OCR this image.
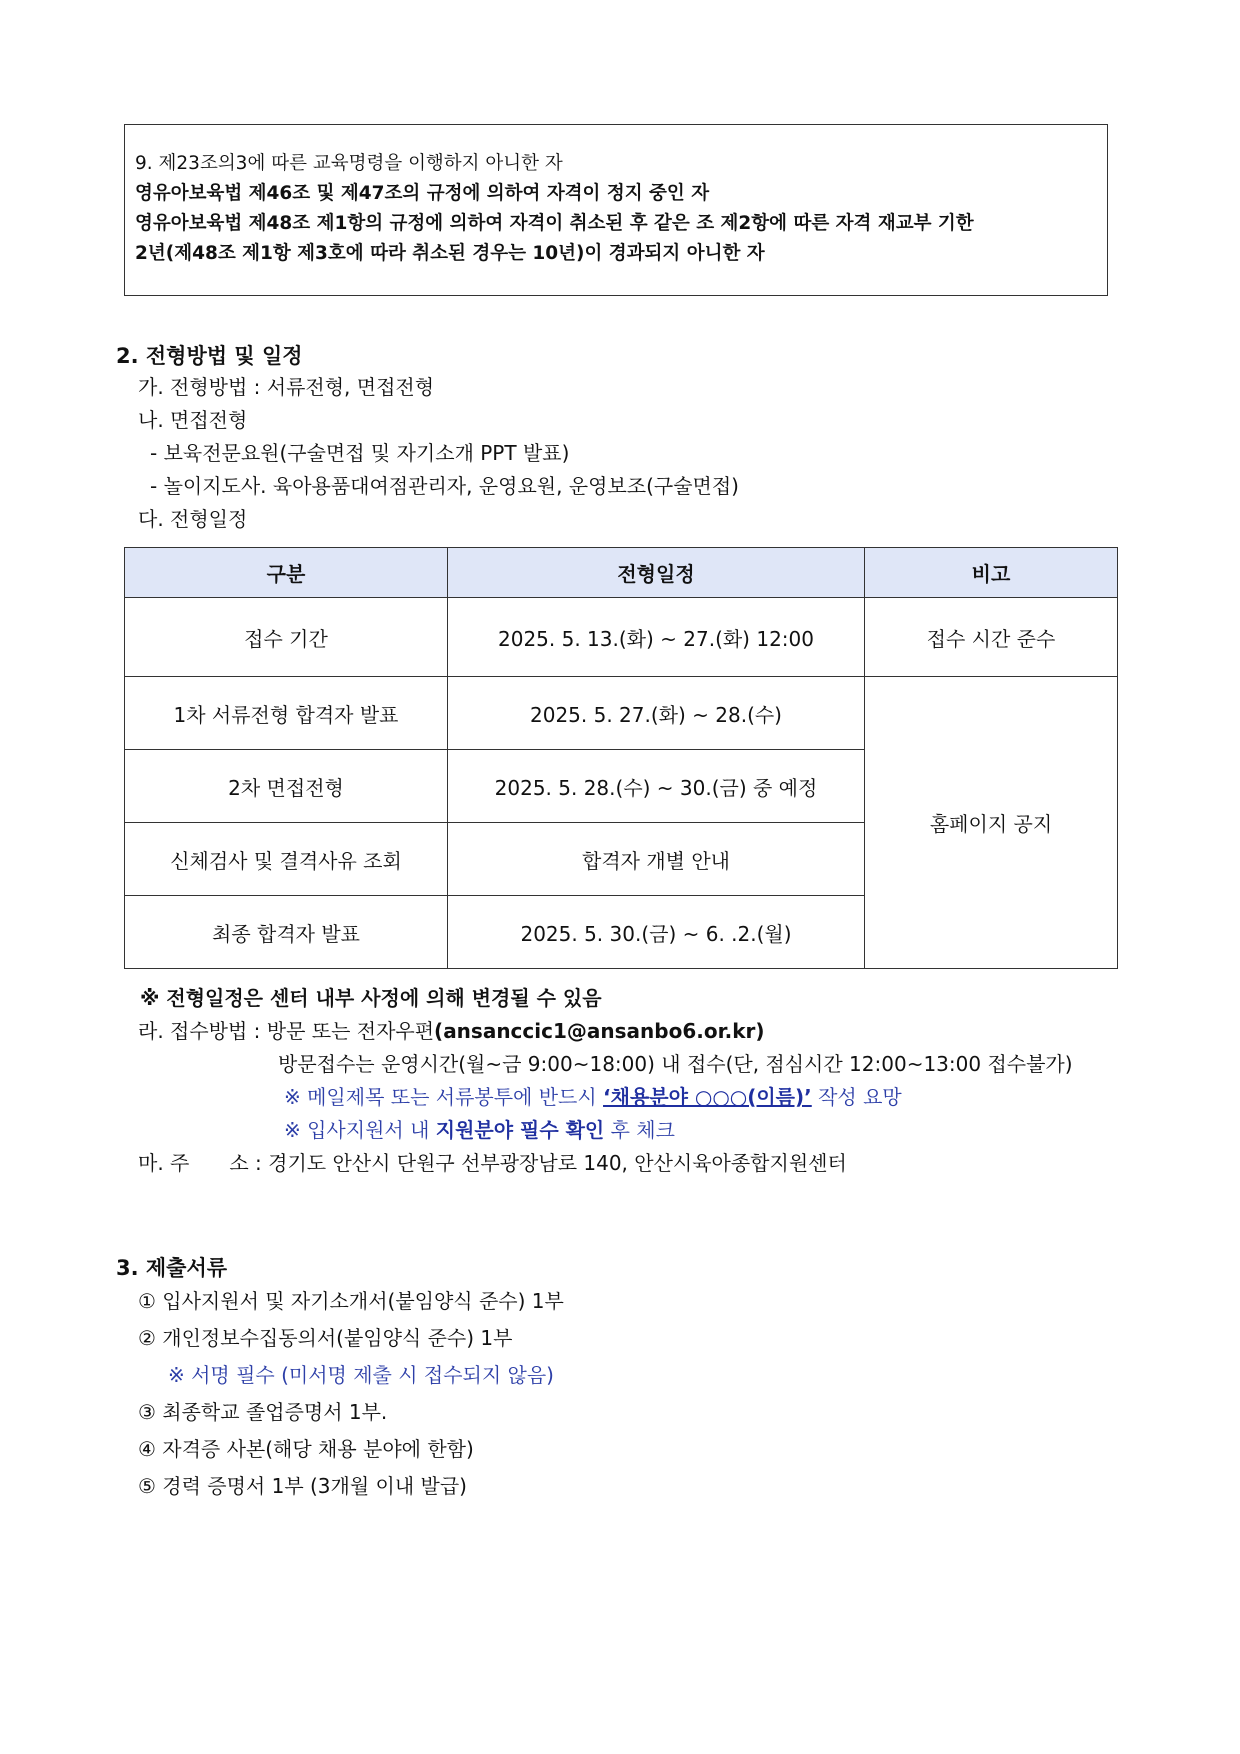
9. 제23조의3에 따른 교육명령을 이행하지 아니한 자
영유아보육법 제46조 및 제47조의 규정에 의하여 자격이 정지 중인 자
영유아보육법 제48조 제1항의 규정에 의하여 자격이 취소된 후 같은 조 제2항에 따른 자격 재교부 기한
2년(제48조 제1항 제3호에 따라 취소된 경우는 10년)이 경과되지 아니한 자
2. 전형방법 및 일정
가. 전형방법 : 서류전형, 면접전형
나. 면접전형
- 보육전문요원(구술면접 및 자기소개 PPT 발표)
- 놀이지도사. 육아용품대여점관리자, 운영요원, 운영보조(구술면접)
다. 전형일정
구분	전형일정	비고
접수 기간	2025. 5. 13.(화) ~ 27.(화) 12:00	접수 시간 준수
1차 서류전형 합격자 발표	2025. 5. 27.(화) ~ 28.(수)	홈페이지 공지
2차 면접전형	2025. 5. 28.(수) ~ 30.(금) 중 예정	
신체검사 및 결격사유 조회	합격자 개별 안내	
최종 합격자 발표	2025. 5. 30.(금) ~ 6. .2.(월)	
※ 전형일정은 센터 내부 사정에 의해 변경될 수 있음
라. 접수방법 : 방문 또는 전자우편(ansanccic1@ansanbo6.or.kr)
방문접수는 운영시간(월~금 9:00~18:00) 내 접수(단, 점심시간 12:00~13:00 접수불가)
※ 메일제목 또는 서류봉투에 반드시 ‘채용분야 ○○○(이름)’ 작성 요망
※ 입사지원서 내 지원분야 필수 확인 후 체크
마. 주 소 : 경기도 안산시 단원구 선부광장남로 140, 안산시육아종합지원센터
3. 제출서류
① 입사지원서 및 자기소개서(붙임양식 준수) 1부
② 개인정보수집동의서(붙임양식 준수) 1부
※ 서명 필수 (미서명 제출 시 접수되지 않음)
③ 최종학교 졸업증명서 1부.
④ 자격증 사본(해당 채용 분야에 한함)
⑤ 경력 증명서 1부 (3개월 이내 발급)
